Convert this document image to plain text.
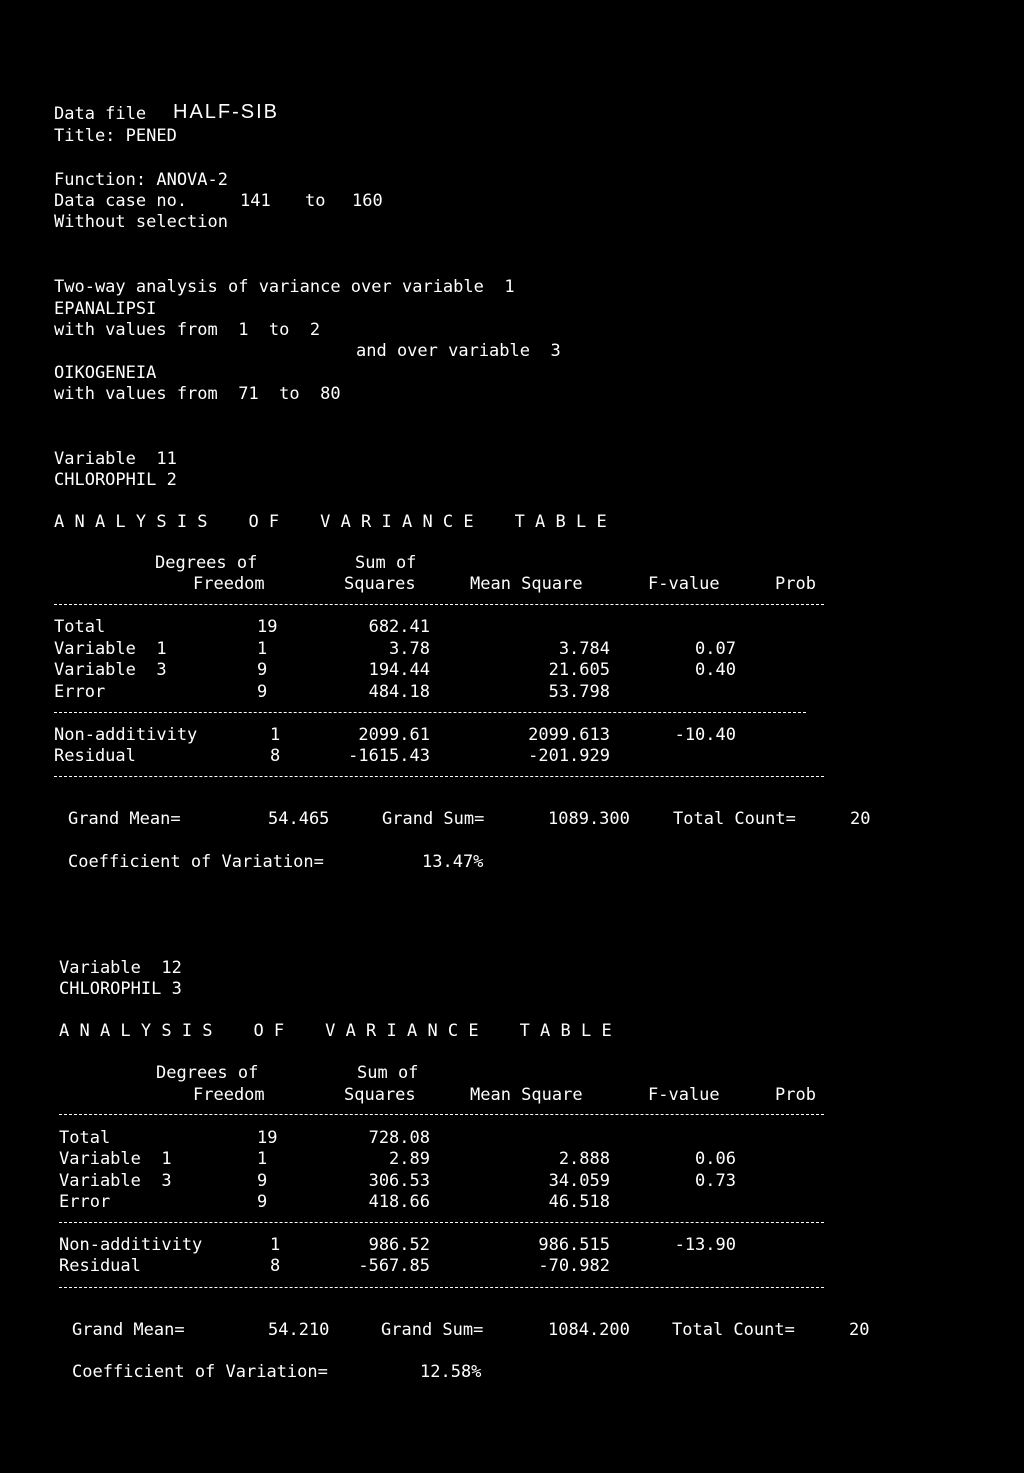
Data file HALF-SIB
Title: PENED
Function: ANOVA-2
Data case no.	141 to 160
Without selection
Two-way analysis of variance over variable  1
EPANALIPSI
with values from  1  to  2
and over variable  3
OIKOGENEIA
with values from  71  to  80
Variable  11
CHLOROPHIL 2
A N A L Y S I S    O F    V A R I A N C E    T A B L E
Degrees of	Sum of
Freedom	Squares	Mean Square	F-value	Prob
Total	19	682.41
Variable  1	1	3.78	3.784	0.07
Variable  3	9	194.44	21.605	0.40
Error	9	484.18	53.798
Non-additivity	1	2099.61	2099.613	-10.40
Residual	8	-1615.43	-201.929
Grand Mean=	54.465	Grand Sum=	1089.300	Total Count=	20
Coefficient of Variation=	13.47%
Variable  12
CHLOROPHIL 3
A N A L Y S I S    O F    V A R I A N C E    T A B L E
Degrees of	Sum of
Freedom	Squares	Mean Square	F-value	Prob
Total	19	728.08
Variable  1	1	2.89	2.888	0.06
Variable  3	9	306.53	34.059	0.73
Error	9	418.66	46.518
Non-additivity	1	986.52	986.515	-13.90
Residual	8	-567.85	-70.982
Grand Mean=	54.210	Grand Sum=	1084.200 Total Count=	20
Coefficient of Variation=	12.58%
